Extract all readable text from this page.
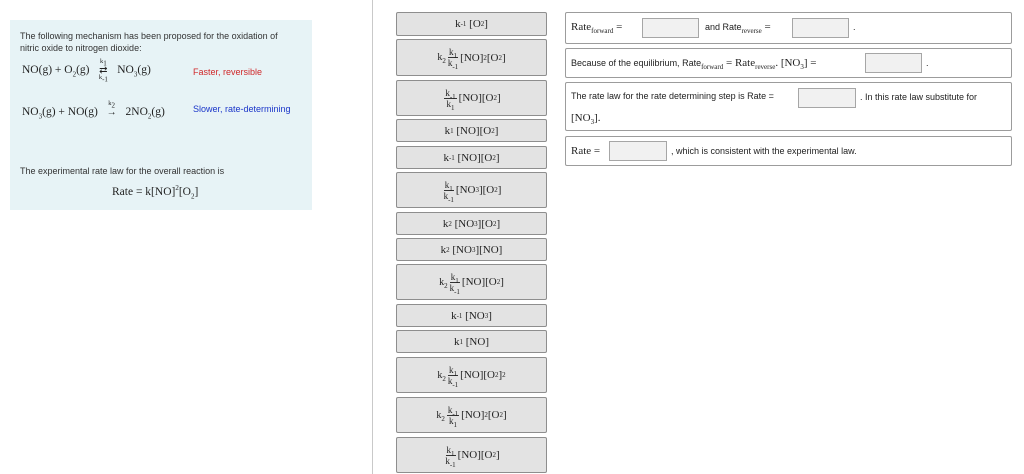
The following mechanism has been proposed for the oxidation of
nitric oxide to nitrogen dioxide:
$NO(g) + O_2(g)$
$k_1$
⇄
$k_{-1}$
$NO_3(g)$	Faster, reversible
$NO_3(g) + NO(g)$
$k_2$
→ $2NO_2(g)$	Slower, rate-determining
The experimental rate law for the overall reaction is
Rate = $k[NO]^2[O_2]$
k -1
[O 2 ]
$k_2 \frac{k_1}{k_{-1}} [NO]$ 2 [O 2 ]
$\frac{k_{-1}}{k_1} [NO][O$ 2 ]
k 1
[NO][O 2 ]
k -1
[NO][O 2 ]
$\frac{k_1}{k_{-1}} [NO$ 3 ][O 2 ]
k 2
[NO 3 ][O 2 ]
k 2
[NO 3 ][NO]
$k_2 \frac{k_1}{k_{-1}} [NO][O$ 2 ]
k -1
[NO 3 ]
k 1
[NO]
$k_2 \frac{k_1}{k_{-1}} [NO][O$ 2 ] 2
$k_2 \frac{k_{-1}}{k_1} [NO]$ 2 [O 2 ]
$\frac{k_1}{k_{-1}} [NO][O$ 2 ]
Rate$_{forward}$ =	and Rate$_{reverse}$ =	.
Because of the equilibrium, Rate$_{forward}$ = Rate$_{reverse}$. $[NO_3]$ =	.
The rate law for the rate determining step is Rate =	. In this rate law substitute for
$[NO_3]$.
Rate =	, which is consistent with the experimental law.
